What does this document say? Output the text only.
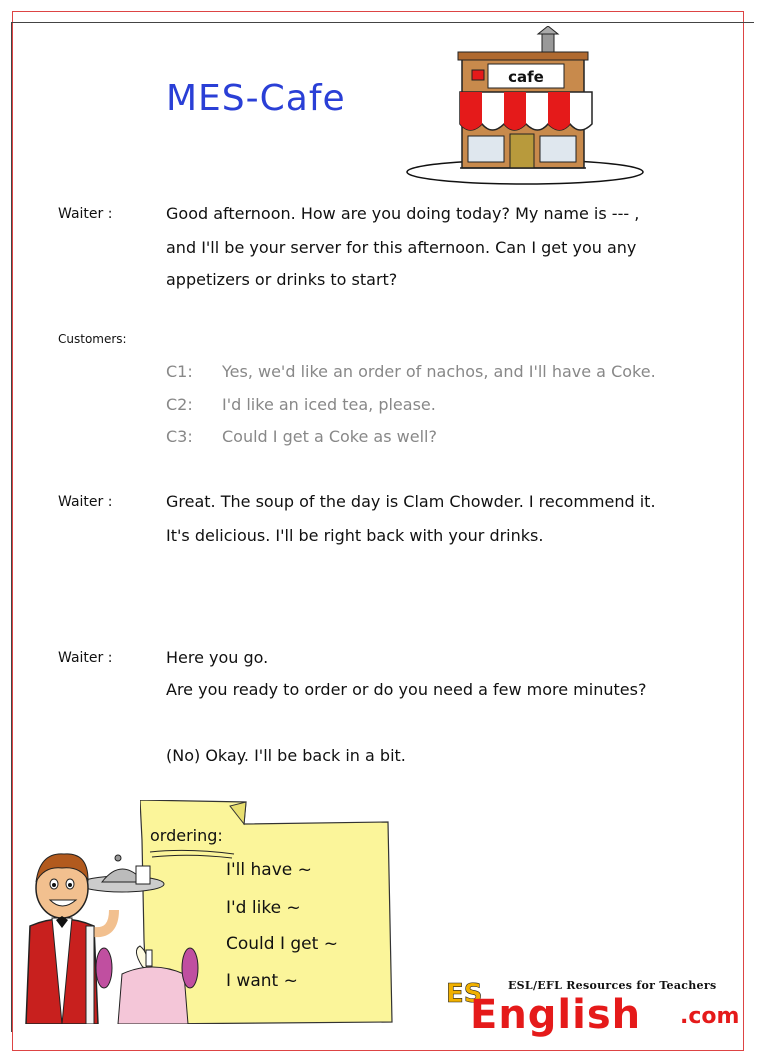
MES-Cafe
cafe
Waiter :	Good afternoon. How are you doing today? My name is --- ,
and I'll be your server for this afternoon. Can I get you any
appetizers or drinks to start?
Customers:
C1: Yes, we'd like an order of nachos, and I'll have a Coke.
C2: I'd like an iced tea, please.
C3: Could I get a Coke as well?
Waiter :	Great. The soup of the day is Clam Chowder. I recommend it.
It's delicious. I'll be right back with your drinks.
Waiter :	Here you go.
Are you ready to order or do you need a few more minutes?
(No) Okay. I'll be back in a bit.
ordering:
I'll have ~
I'd like ~
Could I get ~
I want ~	ESL/EFL Resources for Teachers
ES
English .com
